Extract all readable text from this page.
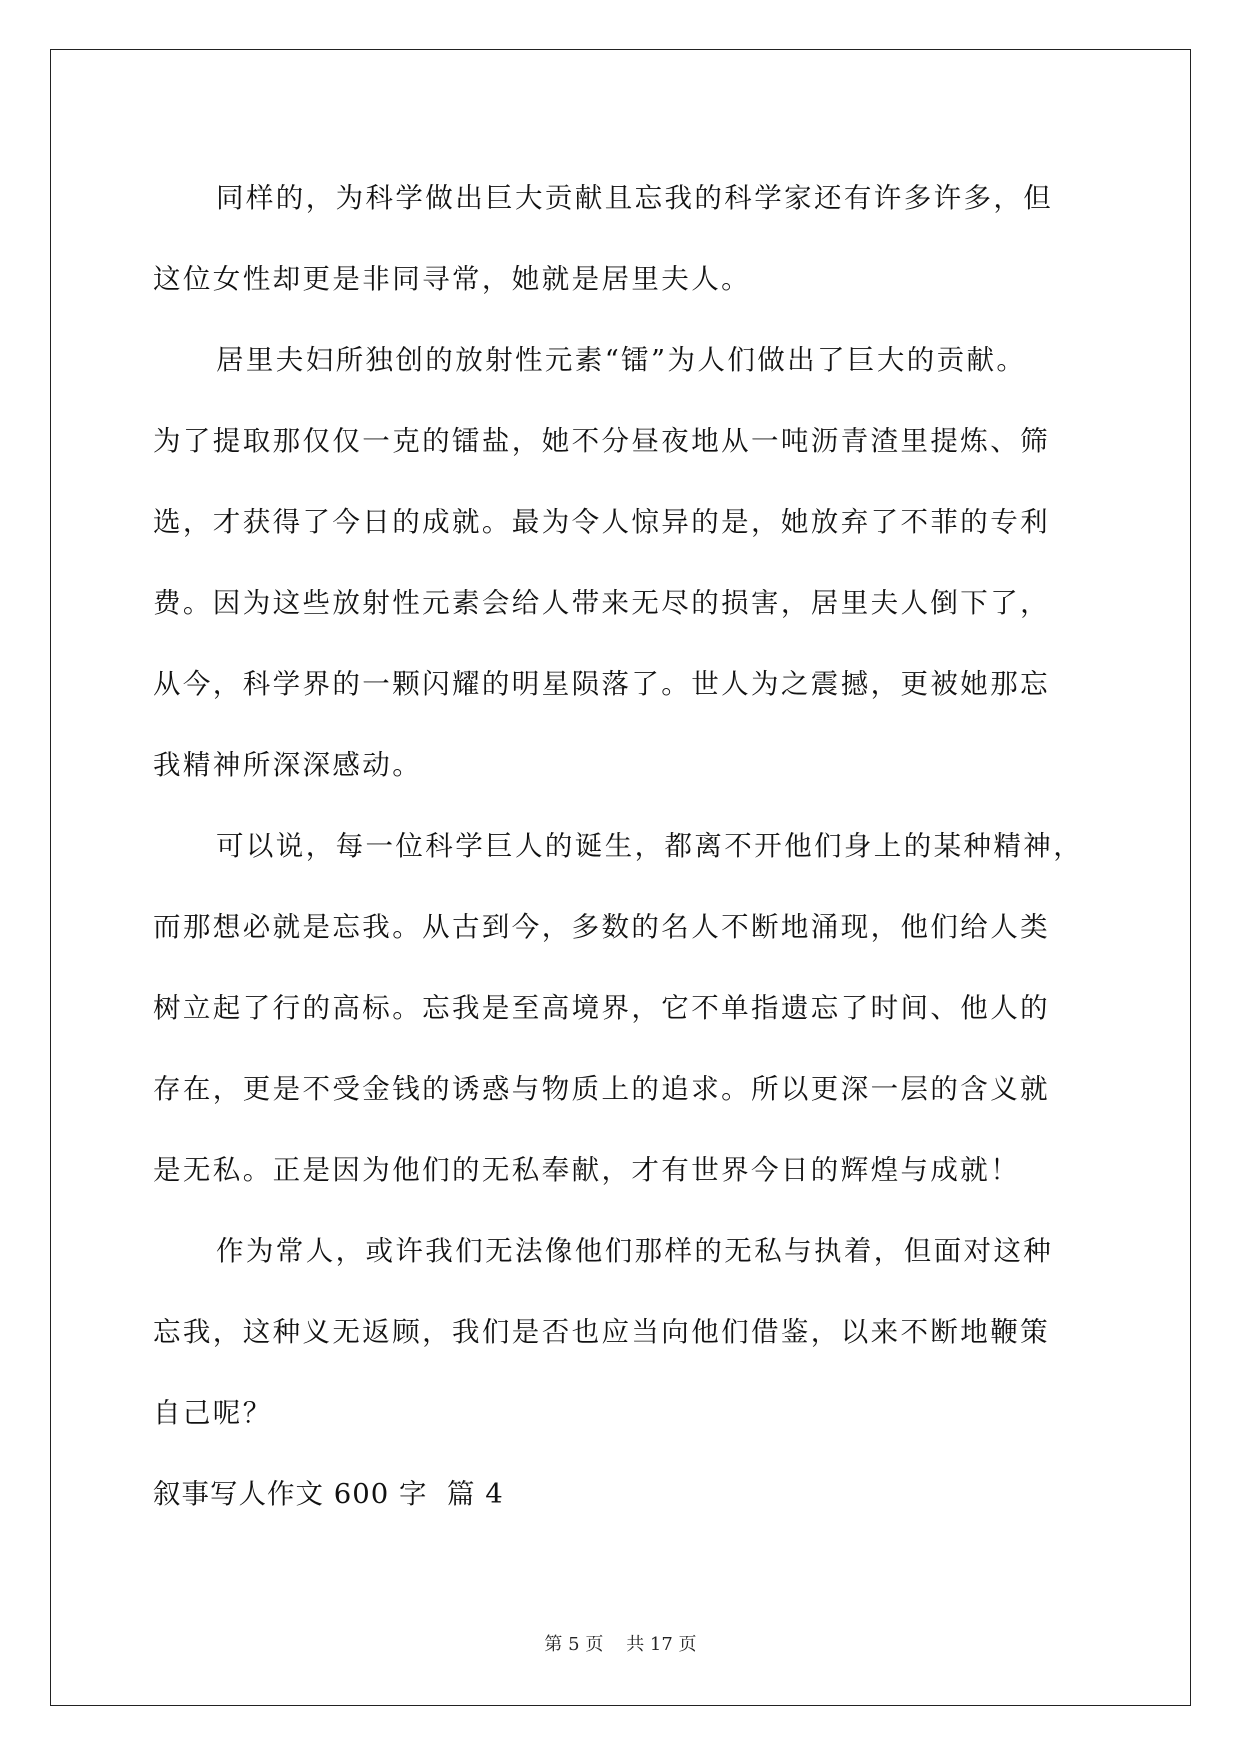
同样的，为科学做出巨大贡献且忘我的科学家还有许多许多，但
这位女性却更是非同寻常，她就是居里夫人。
居里夫妇所独创的放射性元素“镭”为人们做出了巨大的贡献。
为了提取那仅仅一克的镭盐，她不分昼夜地从一吨沥青渣里提炼、筛
选，才获得了今日的成就。最为令人惊异的是，她放弃了不菲的专利
费。因为这些放射性元素会给人带来无尽的损害，居里夫人倒下了，
从今，科学界的一颗闪耀的明星陨落了。世人为之震撼，更被她那忘
我精神所深深感动。
可以说，每一位科学巨人的诞生，都离不开他们身上的某种精神，
而那想必就是忘我。从古到今，多数的名人不断地涌现，他们给人类
树立起了行的高标。忘我是至高境界，它不单指遗忘了时间、他人的
存在，更是不受金钱的诱惑与物质上的追求。所以更深一层的含义就
是无私。正是因为他们的无私奉献，才有世界今日的辉煌与成就！
作为常人，或许我们无法像他们那样的无私与执着，但面对这种
忘我，这种义无返顾，我们是否也应当向他们借鉴，以来不断地鞭策
自己呢？
叙事写人作文 600 字  篇 4
第 5 页    共 17 页
